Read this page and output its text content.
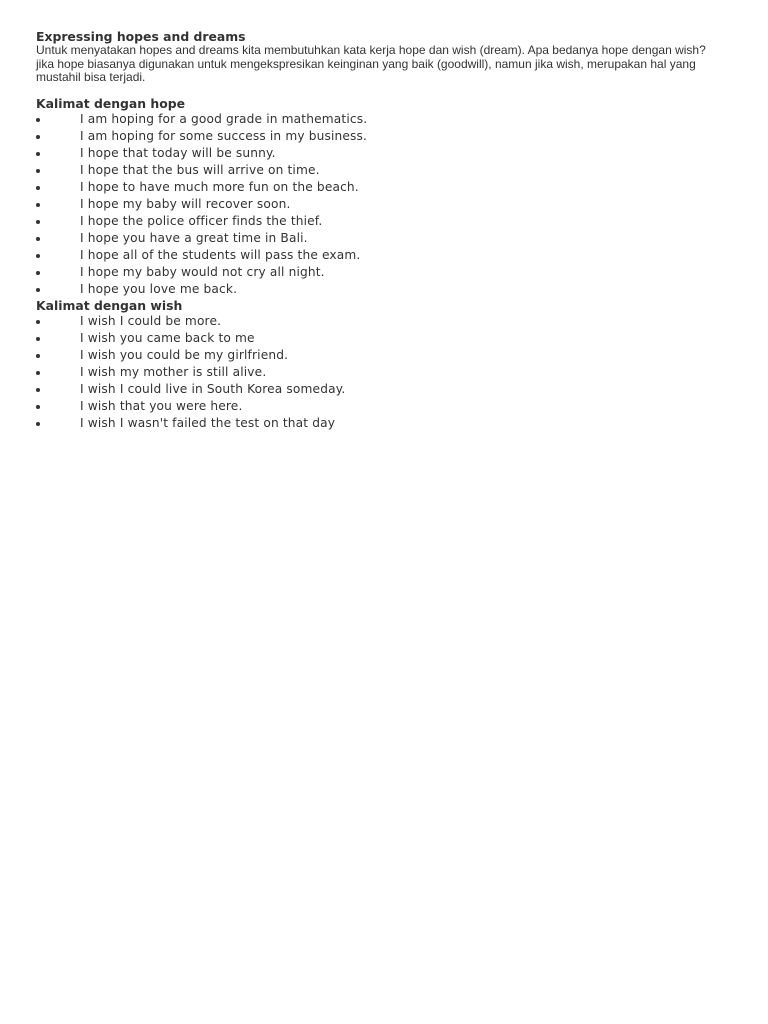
Expressing hopes and dreams

Untuk menyatakan hopes and dreams kita membutuhkan kata kerja hope dan wish (dream). Apa bedanya hope dengan wish? jika hope biasanya digunakan untuk mengekspresikan keinginan yang baik (goodwill), namun jika wish, merupakan hal yang mustahil bisa terjadi.

Kalimat dengan hope
I am hoping for a good grade in mathematics.
I am hoping for some success in my business.
I hope that today will be sunny.
I hope that the bus will arrive on time.
I hope to have much more fun on the beach.
I hope my baby will recover soon.
I hope the police officer finds the thief.
I hope you have a great time in Bali.
I hope all of the students will pass the exam.
I hope my baby would not cry all night.
I hope you love me back.
Kalimat dengan wish
I wish I could be more.
I wish you came back to me
I wish you could be my girlfriend.
I wish my mother is still alive.
I wish I could live in South Korea someday.
I wish that you were here.
I wish I wasn't failed the test on that day
